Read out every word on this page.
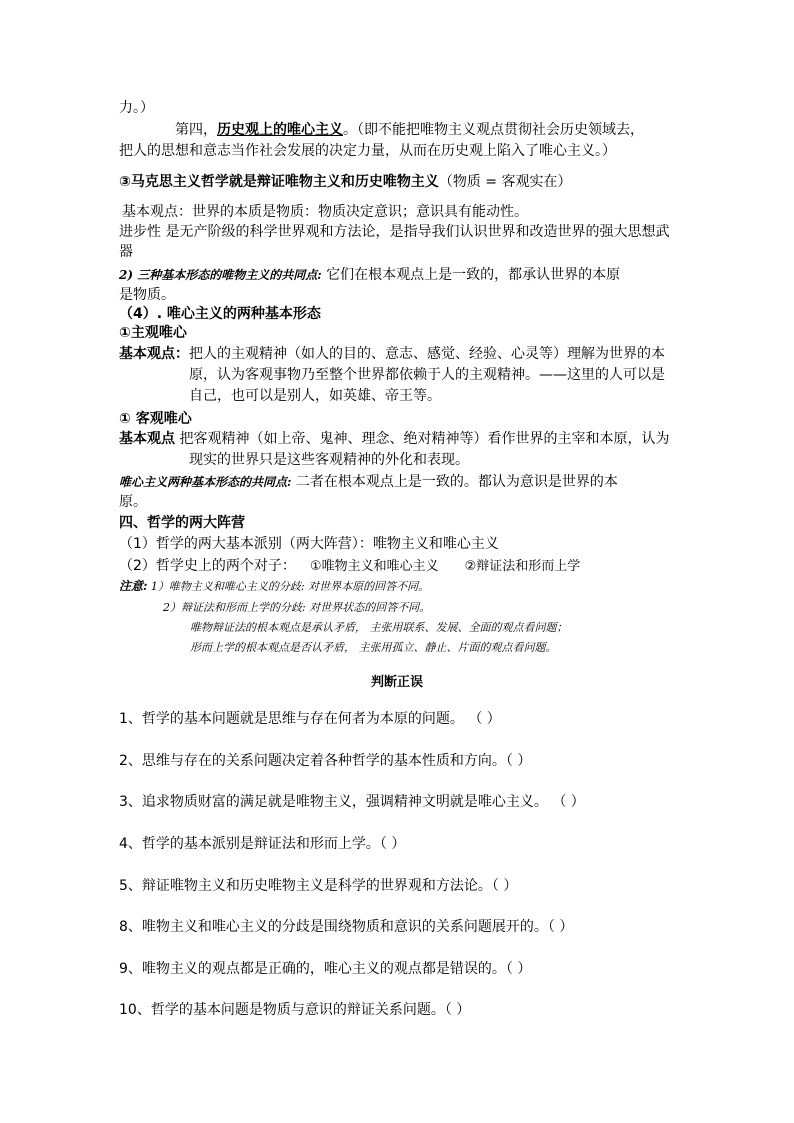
力。）
第四，历史观上的唯心主义。（即不能把唯物主义观点贯彻社会历史领域去，
把人的思想和意志当作社会发展的决定力量，从而在历史观上陷入了唯心主义。）
③马克思主义哲学就是辩证唯物主义和历史唯物主义（物质 = 客观实在）
基本观点：世界的本质是物质：物质决定意识；意识具有能动性。
进步性 是无产阶级的科学世界观和方法论，是指导我们认识世界和改造世界的强大思想武
器
2) 三种基本形态的唯物主义的共同点: 它们在根本观点上是一致的，都承认世界的本原
是物质。
（4）. 唯心主义的两种基本形态
①主观唯心
基本观点：把人的主观精神（如人的目的、意志、感觉、经验、心灵等）理解为世界的本
原，认为客观事物乃至整个世界都依赖于人的主观精神。——这里的人可以是
自己，也可以是别人，如英雄、帝王等。
① 客观唯心
基本观点 把客观精神（如上帝、鬼神、理念、绝对精神等）看作世界的主宰和本原，认为
现实的世界只是这些客观精神的外化和表现。
唯心主义两种基本形态的共同点: 二者在根本观点上是一致的。都认为意识是世界的本
原。
四、哲学的两大阵营
（1）哲学的两大基本派别（两大阵营）：唯物主义和唯心主义
（2）哲学史上的两个对子： ①唯物主义和唯心主义 ②辩证法和形而上学
注意: 1）唯物主义和唯心主义的分歧: 对世界本原的回答不同。
2）辩证法和形而上学的分歧: 对世界状态的回答不同。
唯物辩证法的根本观点是承认矛盾， 主张用联系、发展、全面的观点看问题；
形而上学的根本观点是否认矛盾， 主张用孤立、静止、片面的观点看问题。
判断正误
1、哲学的基本问题就是思维与存在何者为本原的问题。 （ ）
2、思维与存在的关系问题决定着各种哲学的基本性质和方向。（ ）
3、追求物质财富的满足就是唯物主义，强调精神文明就是唯心主义。 （ ）
4、哲学的基本派别是辩证法和形而上学。（ ）
5、辩证唯物主义和历史唯物主义是科学的世界观和方法论。（ ）
8、唯物主义和唯心主义的分歧是围绕物质和意识的关系问题展开的。（ ）
9、唯物主义的观点都是正确的，唯心主义的观点都是错误的。（ ）
10、哲学的基本问题是物质与意识的辩证关系问题。（ ）
